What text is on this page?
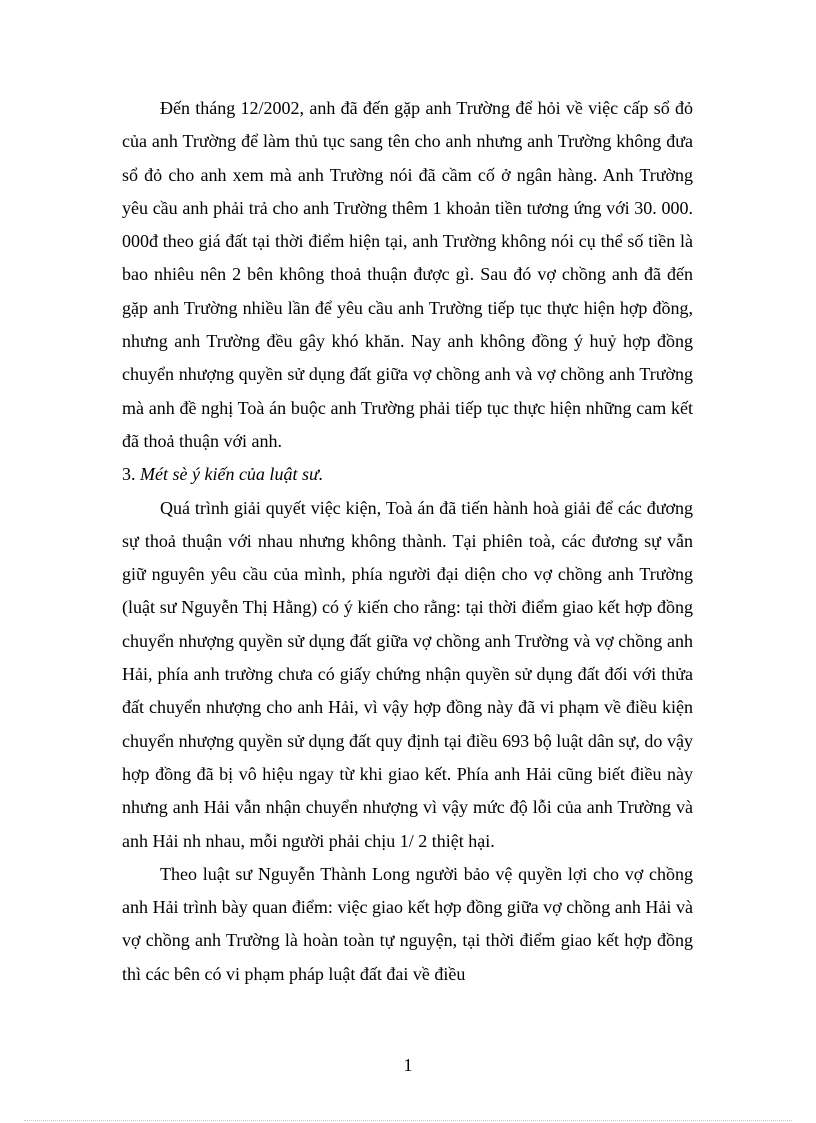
Đến tháng 12/2002, anh đã đến gặp anh Trường để hỏi về việc cấp sổ đỏ của anh Trường để làm thủ tục sang tên cho anh nhưng anh Trường không đưa sổ đỏ cho anh xem mà anh Trường nói đã cầm cố ở ngân hàng. Anh Trường yêu cầu anh phải trả cho anh Trường thêm 1 khoản tiền tương ứng với 30. 000. 000đ theo giá đất tại thời điểm hiện tại, anh Trường không nói cụ thể số tiền là bao nhiêu nên 2 bên không thoả thuận được gì. Sau đó vợ chồng anh đã đến gặp anh Trường nhiều lần để yêu cầu anh Trường tiếp tục thực hiện hợp đồng, nhưng anh Trường đều gây khó khăn. Nay anh không đồng ý huỷ hợp đồng chuyển nhượng quyền sử dụng đất giữa vợ chồng anh và vợ chồng anh Trường mà anh đề nghị Toà án buộc anh Trường phải tiếp tục thực hiện những cam kết đã thoả thuận với anh.

3. Mét sè ý kiến của luật sư.

Quá trình giải quyết việc kiện, Toà án đã tiến hành hoà giải để các đương sự thoả thuận với nhau nhưng không thành. Tại phiên toà, các đương sự vẫn giữ nguyên yêu cầu của mình, phía người đại diện cho vợ chồng anh Trường (luật sư Nguyễn Thị Hằng) có ý kiến cho rằng: tại thời điểm giao kết hợp đồng chuyển nhượng quyền sử dụng đất giữa vợ chồng anh Trường và vợ chồng anh Hải, phía anh trường chưa có giấy chứng nhận quyền sử dụng đất đối với thửa đất chuyển nhượng cho anh Hải, vì vậy hợp đồng này đã vi phạm về điều kiện chuyển nhượng quyền sử dụng đất quy định tại điều 693 bộ luật dân sự, do vậy hợp đồng đã bị vô hiệu ngay từ khi giao kết. Phía anh Hải cũng biết điều này nhưng anh Hải vẫn nhận chuyển nhượng vì vậy mức độ lỗi của anh Trường và anh Hải nh nhau, mỗi người phải chịu 1/ 2 thiệt hại.

Theo luật sư Nguyễn Thành Long người bảo vệ quyền lợi cho vợ chồng anh Hải trình bày quan điểm: việc giao kết hợp đồng giữa vợ chồng anh Hải và vợ chồng anh Trường là hoàn toàn tự nguyện, tại thời điểm giao kết hợp đồng thì các bên có vi phạm pháp luật đất đai về điều

1
